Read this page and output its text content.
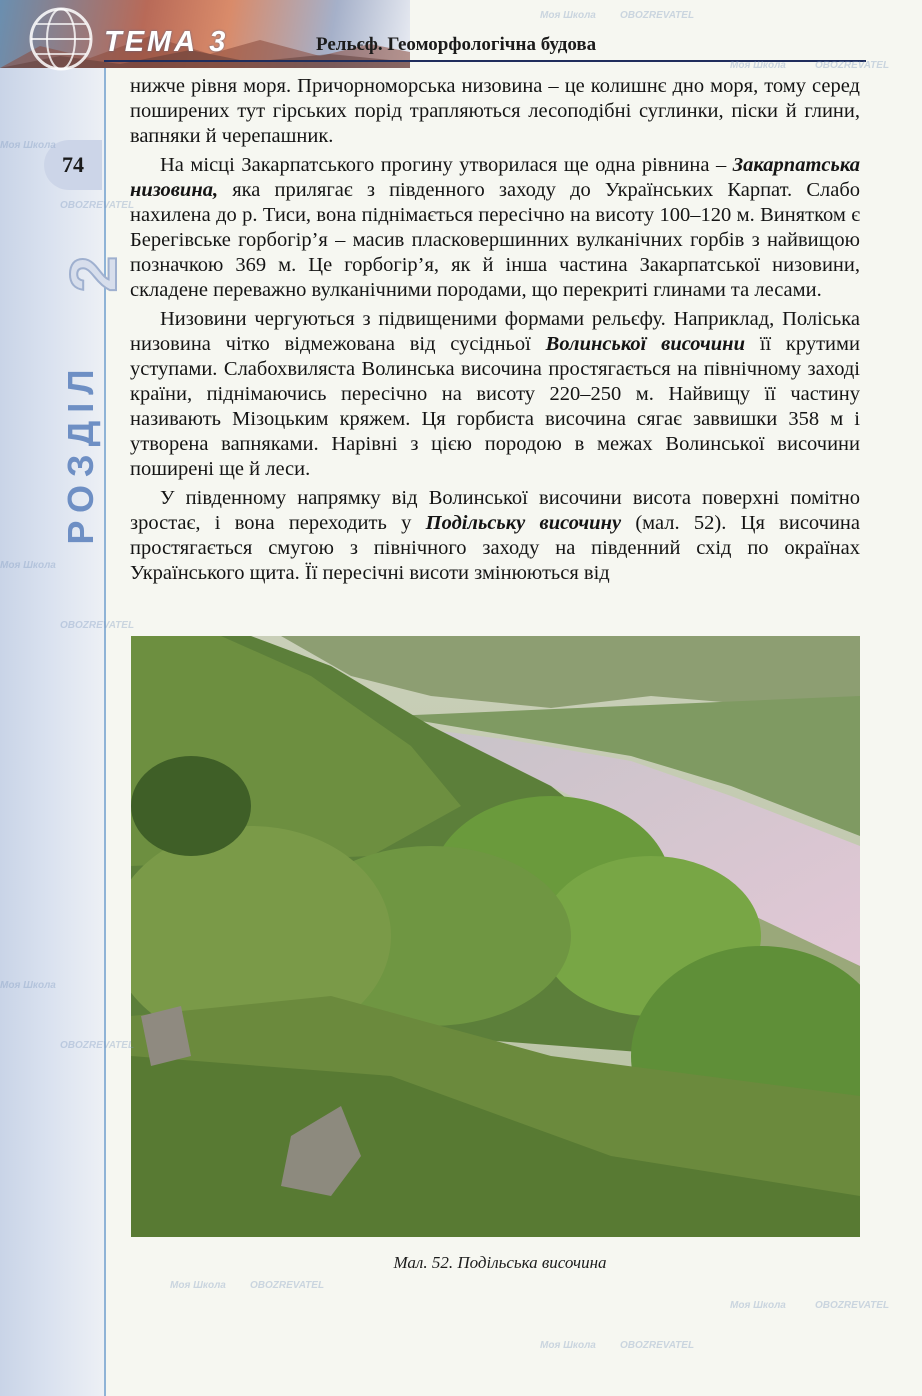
ТЕМА 3	Рельєф. Геоморфологічна будова
74
2
РОЗДІЛ

нижче рівня моря. Причорноморська низовина – це колишнє дно моря, тому серед поширених тут гірських порід трапляються лесоподібні суглинки, піски й глини, вапняки й черепашник.

На місці Закарпатського прогину утворилася ще одна рівнина – Закарпатська низовина, яка прилягає з південного заходу до Українських Карпат. Слабо нахилена до р. Тиси, вона піднімається пересічно на висоту 100–120 м. Винятком є Берегівське горбогір’я – масив пласковершинних вулканічних горбів з найвищою позначкою 369 м. Це горбогір’я, як й інша частина Закарпатської низовини, складене переважно вулканічними породами, що перекриті глинами та лесами.

Низовини чергуються з підвищеними формами рельєфу. Наприклад, Поліська низовина чітко відмежована від сусідньої Волинської височини її крутими уступами. Слабохвиляста Волинська височина простягається на північному заході країни, піднімаючись пересічно на висоту 220–250 м. Найвищу її частину називають Мізоцьким кряжем. Ця горбиста височина сягає заввишки 358 м і утворена вапняками. Нарівні з цією породою в межах Волинської височини поширені ще й леси.

У південному напрямку від Волинської височини висота поверхні помітно зростає, і вона переходить у Подільську височину (мал. 52). Ця височина простягається смугою з північного заходу на південний схід по окраїнах Українського щита. Її пересічні висоти змінюються від

Мал. 52. Подільська височина
Моя Школа OBOZREVATEL
Моя Школа	OBOZREVATEL
Моя Школа
OBOZREVATEL
Моя Школа
OBOZREVATEL
Моя Школа
OBOZREVATEL
Моя Школа OBOZREVATEL
Моя Школа OBOZREVATEL
Моя Школа	OBOZREVATEL
